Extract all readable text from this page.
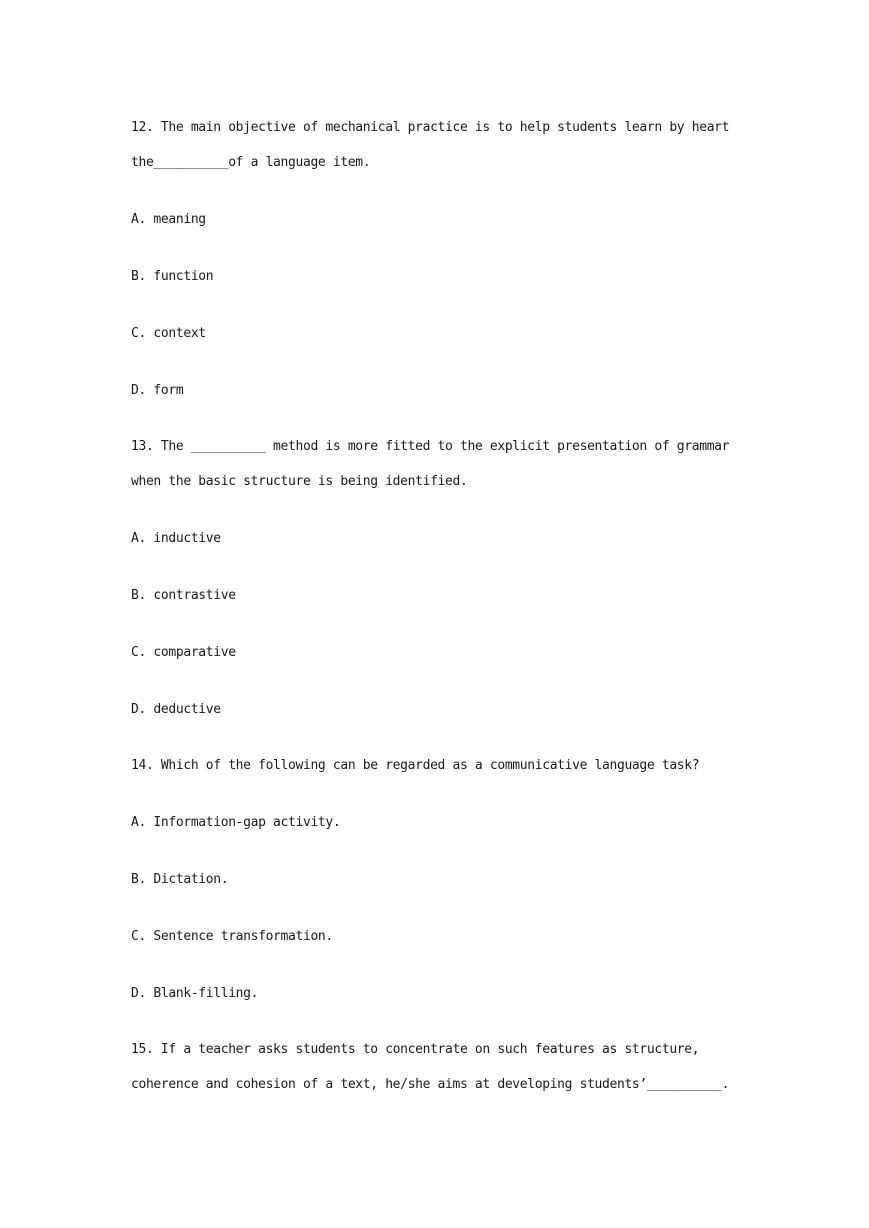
12. The main objective of mechanical practice is to help students learn by heart
the__________of a language item.
A. meaning
B. function
C. context
D. form
13. The __________ method is more fitted to the explicit presentation of grammar
when the basic structure is being identified.
A. inductive
B. contrastive
C. comparative
D. deductive
14. Which of the following can be regarded as a communicative language task?
A. Information-gap activity.
B. Dictation.
C. Sentence transformation.
D. Blank-filling.
15. If a teacher asks students to concentrate on such features as structure,
coherence and cohesion of a text, he/she aims at developing students’__________.
